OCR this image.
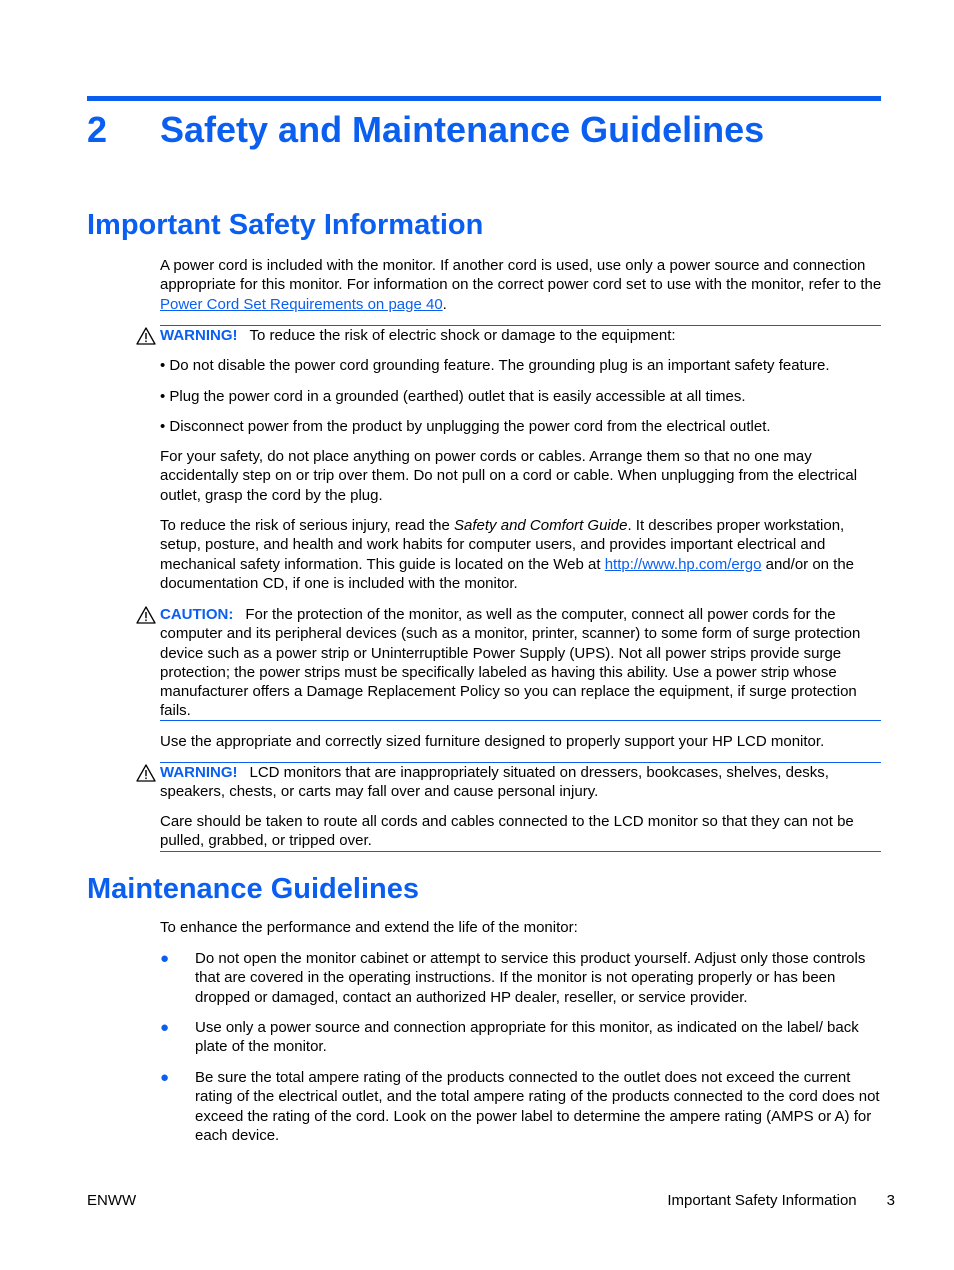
2 Safety and Maintenance Guidelines
Important Safety Information

A power cord is included with the monitor. If another cord is used, use only a power source and connection appropriate for this monitor. For information on the correct power cord set to use with the monitor, refer to the Power Cord Set Requirements on page 40.

WARNING! To reduce the risk of electric shock or damage to the equipment:

• Do not disable the power cord grounding feature. The grounding plug is an important safety feature.

• Plug the power cord in a grounded (earthed) outlet that is easily accessible at all times.

• Disconnect power from the product by unplugging the power cord from the electrical outlet.

For your safety, do not place anything on power cords or cables. Arrange them so that no one may accidentally step on or trip over them. Do not pull on a cord or cable. When unplugging from the electrical outlet, grasp the cord by the plug.

To reduce the risk of serious injury, read the Safety and Comfort Guide. It describes proper workstation, setup, posture, and health and work habits for computer users, and provides important electrical and mechanical safety information. This guide is located on the Web at http://www.hp.com/ergo and/or on the documentation CD, if one is included with the monitor.

CAUTION: For the protection of the monitor, as well as the computer, connect all power cords for the computer and its peripheral devices (such as a monitor, printer, scanner) to some form of surge protection device such as a power strip or Uninterruptible Power Supply (UPS). Not all power strips provide surge protection; the power strips must be specifically labeled as having this ability. Use a power strip whose manufacturer offers a Damage Replacement Policy so you can replace the equipment, if surge protection fails.

Use the appropriate and correctly sized furniture designed to properly support your HP LCD monitor.

WARNING! LCD monitors that are inappropriately situated on dressers, bookcases, shelves, desks, speakers, chests, or carts may fall over and cause personal injury.

Care should be taken to route all cords and cables connected to the LCD monitor so that they can not be pulled, grabbed, or tripped over.

Maintenance Guidelines

To enhance the performance and extend the life of the monitor:

● Do not open the monitor cabinet or attempt to service this product yourself. Adjust only those controls that are covered in the operating instructions. If the monitor is not operating properly or has been dropped or damaged, contact an authorized HP dealer, reseller, or service provider.
● Use only a power source and connection appropriate for this monitor, as indicated on the label/ back plate of the monitor.
● Be sure the total ampere rating of the products connected to the outlet does not exceed the current rating of the electrical outlet, and the total ampere rating of the products connected to the cord does not exceed the rating of the cord. Look on the power label to determine the ampere rating (AMPS or A) for each device.
ENWW	Important Safety Information 3
